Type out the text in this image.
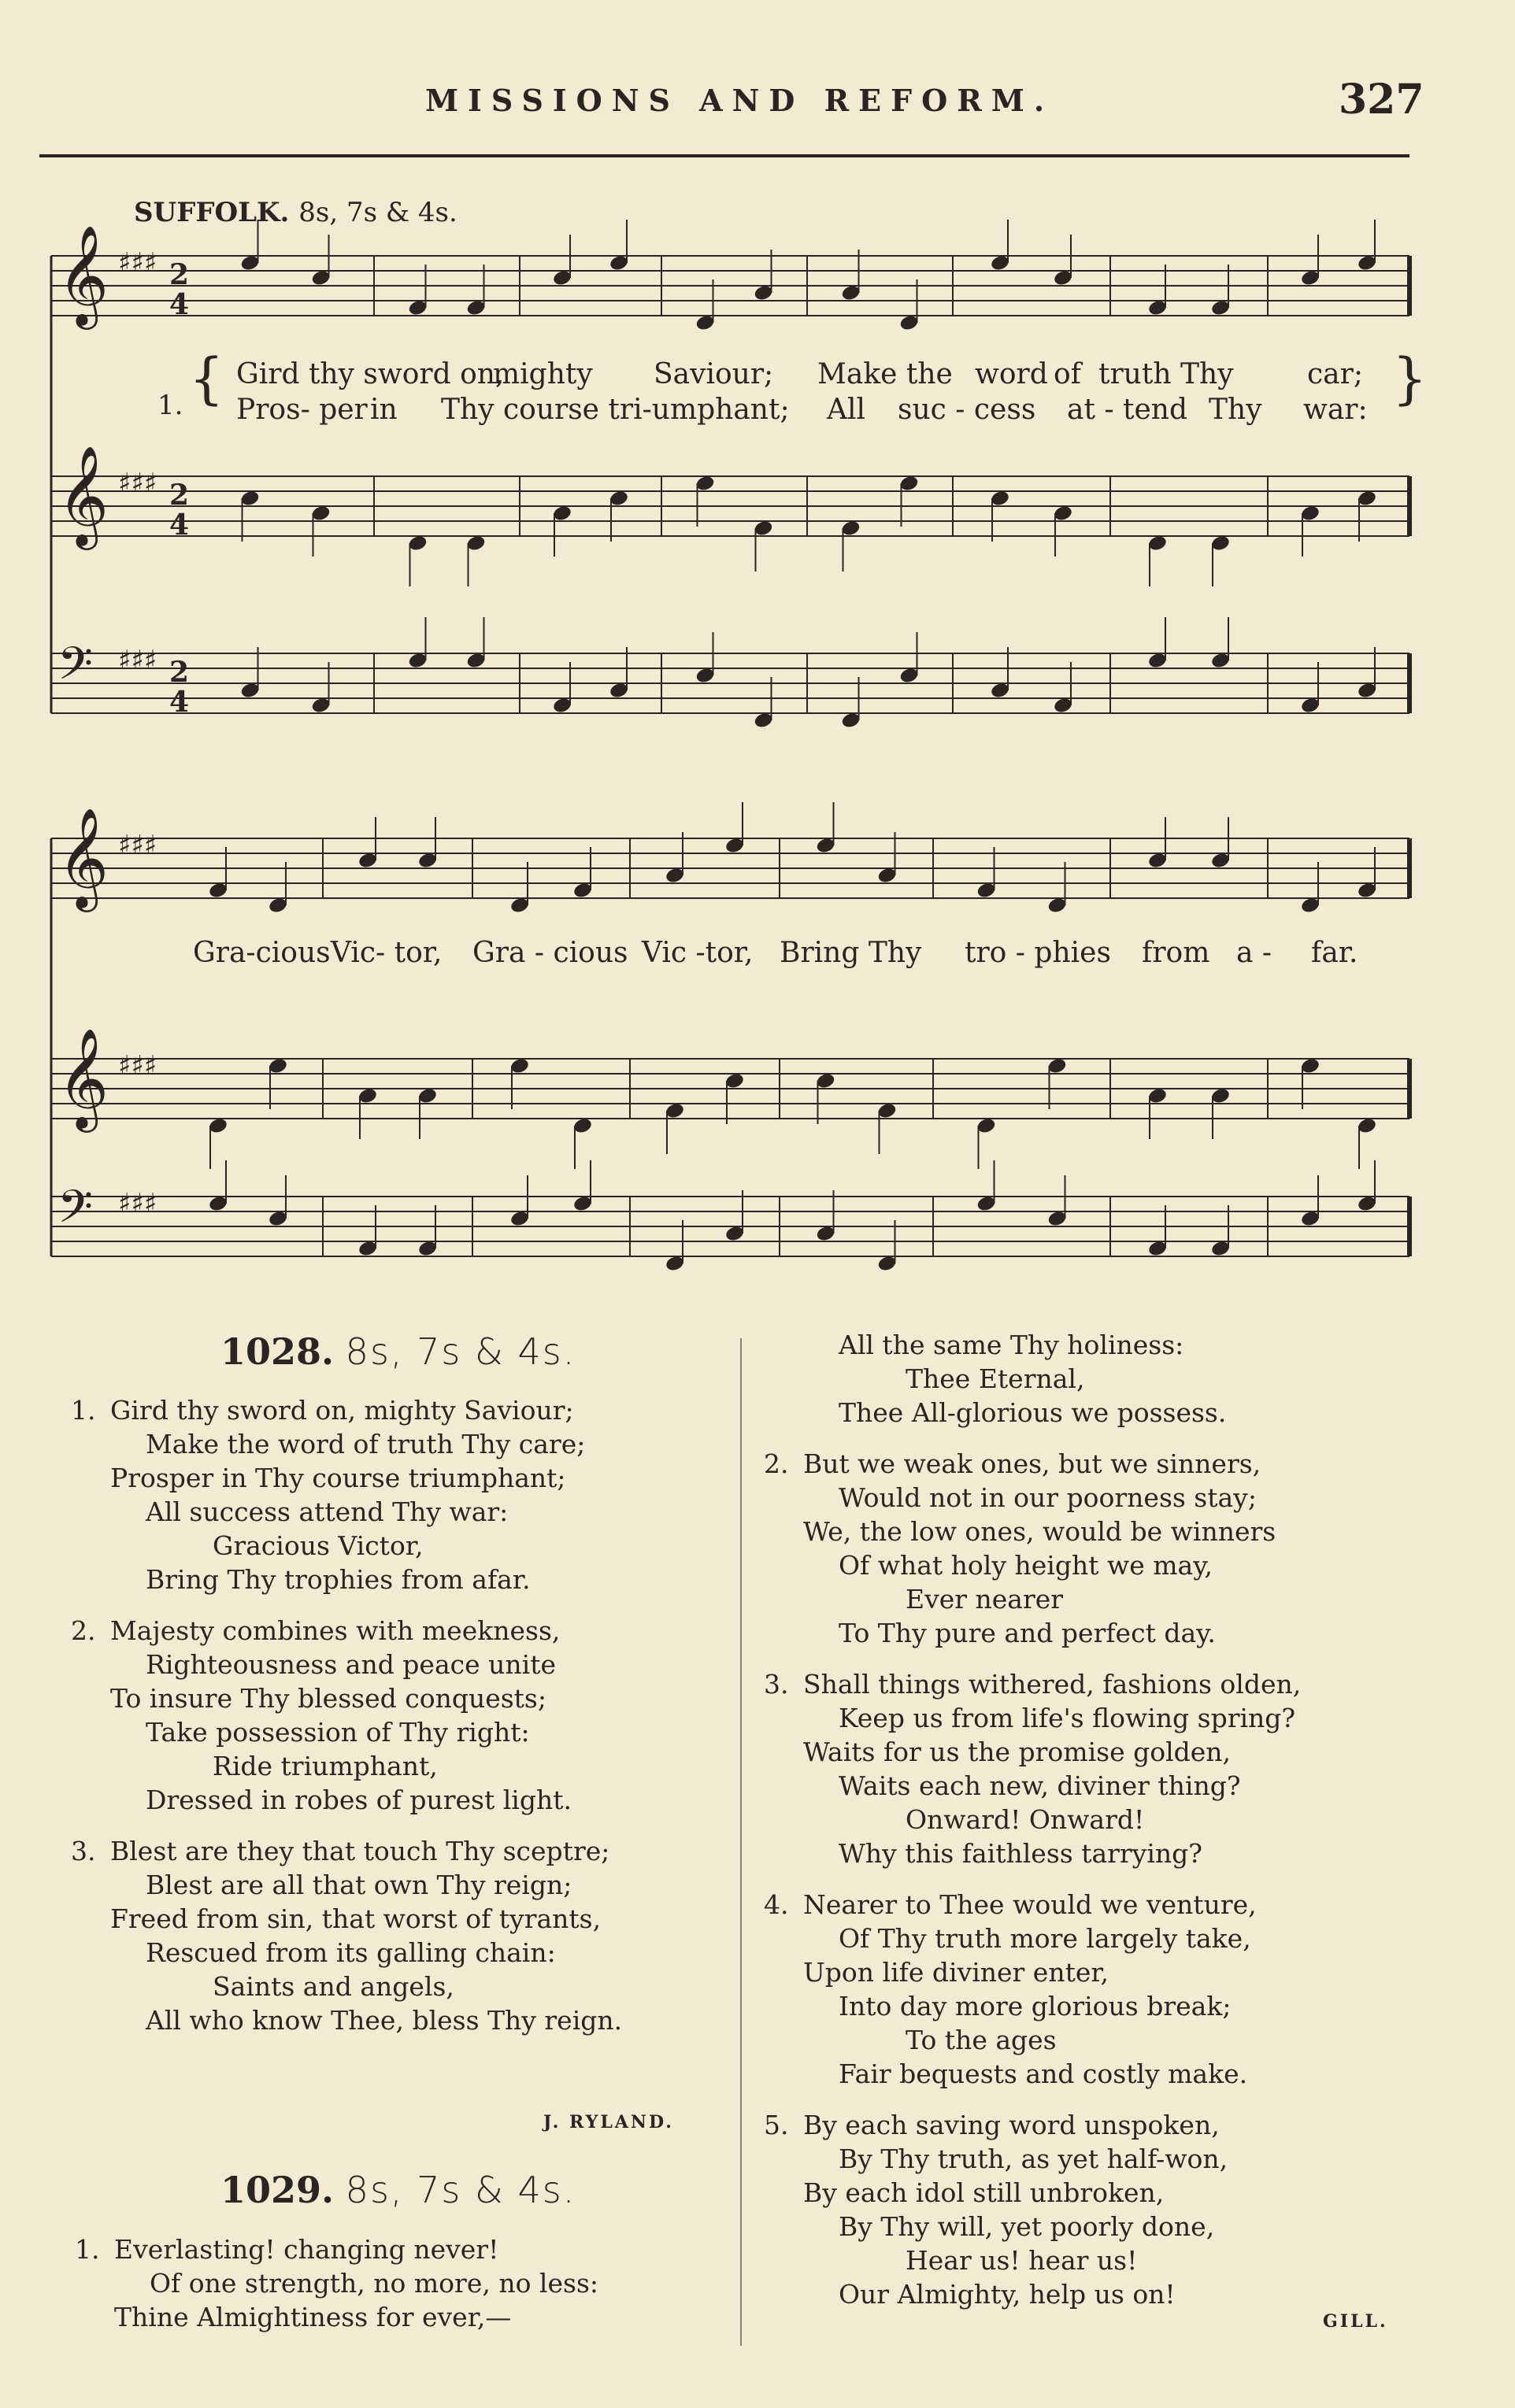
MISSIONS AND REFORM.	327
SUFFOLK. 8s, 7s & 4s.
𝄞 ♯♯♯ 2
4
𝄞 ♯♯♯ 2
4
𝄢 ♯♯♯ 2
4
𝄞 ♯♯♯
𝄞 ♯♯♯
𝄢 ♯♯♯
1. {	}
Gird thy sword on,
mighty Saviour; Make the word of truth Thy	car;
Pros- per in Thy course tri-umphant; All suc - cess at - tend Thy war:
Gra-cious Vic- tor, Gra - cious Vic -tor, Bring Thy tro - phies from a - far.
1028. 8s, 7s & 4s.
1. Gird thy sword on, mighty Saviour;
Make the word of truth Thy care;
Prosper in Thy course triumphant;
All success attend Thy war:
Gracious Victor,
Bring Thy trophies from afar.
2. Majesty combines with meekness,
Righteousness and peace unite
To insure Thy blessed conquests;
Take possession of Thy right:
Ride triumphant,
Dressed in robes of purest light.
3. Blest are they that touch Thy sceptre;
Blest are all that own Thy reign;
Freed from sin, that worst of tyrants,
Rescued from its galling chain:
Saints and angels,
All who know Thee, bless Thy reign.
J. RYLAND.
1029. 8s, 7s & 4s.
1. Everlasting! changing never!
Of one strength, no more, no less:
Thine Almightiness for ever,—
All the same Thy holiness:
Thee Eternal,
Thee All-glorious we possess.
2. But we weak ones, but we sinners,
Would not in our poorness stay;
We, the low ones, would be winners
Of what holy height we may,
Ever nearer
To Thy pure and perfect day.
3. Shall things withered, fashions olden,
Keep us from life's flowing spring?
Waits for us the promise golden,
Waits each new, diviner thing?
Onward! Onward!
Why this faithless tarrying?
4. Nearer to Thee would we venture,
Of Thy truth more largely take,
Upon life diviner enter,
Into day more glorious break;
To the ages
Fair bequests and costly make.
5. By each saving word unspoken,
By Thy truth, as yet half-won,
By each idol still unbroken,
By Thy will, yet poorly done,
Hear us! hear us!
Our Almighty, help us on!
GILL.
